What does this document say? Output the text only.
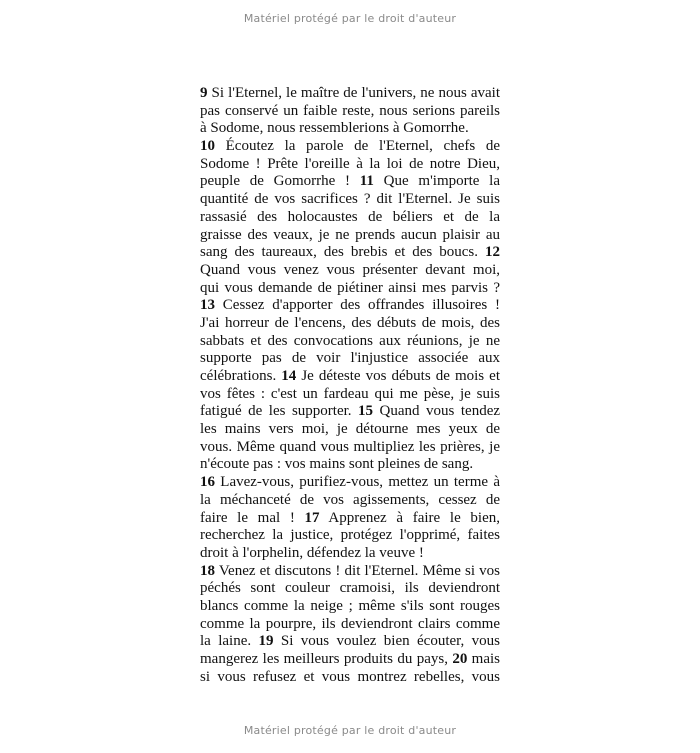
Matériel protégé par le droit d'auteur
9 Si l'Eternel, le maître de l'univers, ne nous avait
pas conservé un faible reste, nous serions pareils
à Sodome, nous ressemblerions à Gomorrhe.
10 Écoutez la parole de l'Eternel, chefs de
Sodome ! Prête l'oreille à la loi de notre Dieu,
peuple de Gomorrhe ! 11 Que m'importe la
quantité de vos sacrifices ? dit l'Eternel. Je suis
rassasié des holocaustes de béliers et de la
graisse des veaux, je ne prends aucun plaisir au
sang des taureaux, des brebis et des boucs. 12
Quand vous venez vous présenter devant moi,
qui vous demande de piétiner ainsi mes parvis ?
13 Cessez d'apporter des offrandes illusoires !
J'ai horreur de l'encens, des débuts de mois, des
sabbats et des convocations aux réunions, je ne
supporte pas de voir l'injustice associée aux
célébrations. 14 Je déteste vos débuts de mois et
vos fêtes : c'est un fardeau qui me pèse, je suis
fatigué de les supporter. 15 Quand vous tendez
les mains vers moi, je détourne mes yeux de
vous. Même quand vous multipliez les prières, je
n'écoute pas : vos mains sont pleines de sang.
16 Lavez-vous, purifiez-vous, mettez un terme à
la méchanceté de vos agissements, cessez de
faire le mal ! 17 Apprenez à faire le bien,
recherchez la justice, protégez l'opprimé, faites
droit à l'orphelin, défendez la veuve !
18 Venez et discutons ! dit l'Eternel. Même si vos
péchés sont couleur cramoisi, ils deviendront
blancs comme la neige ; même s'ils sont rouges
comme la pourpre, ils deviendront clairs comme
la laine. 19 Si vous voulez bien écouter, vous
mangerez les meilleurs produits du pays, 20 mais
si vous refusez et vous montrez rebelles, vous
Matériel protégé par le droit d'auteur
